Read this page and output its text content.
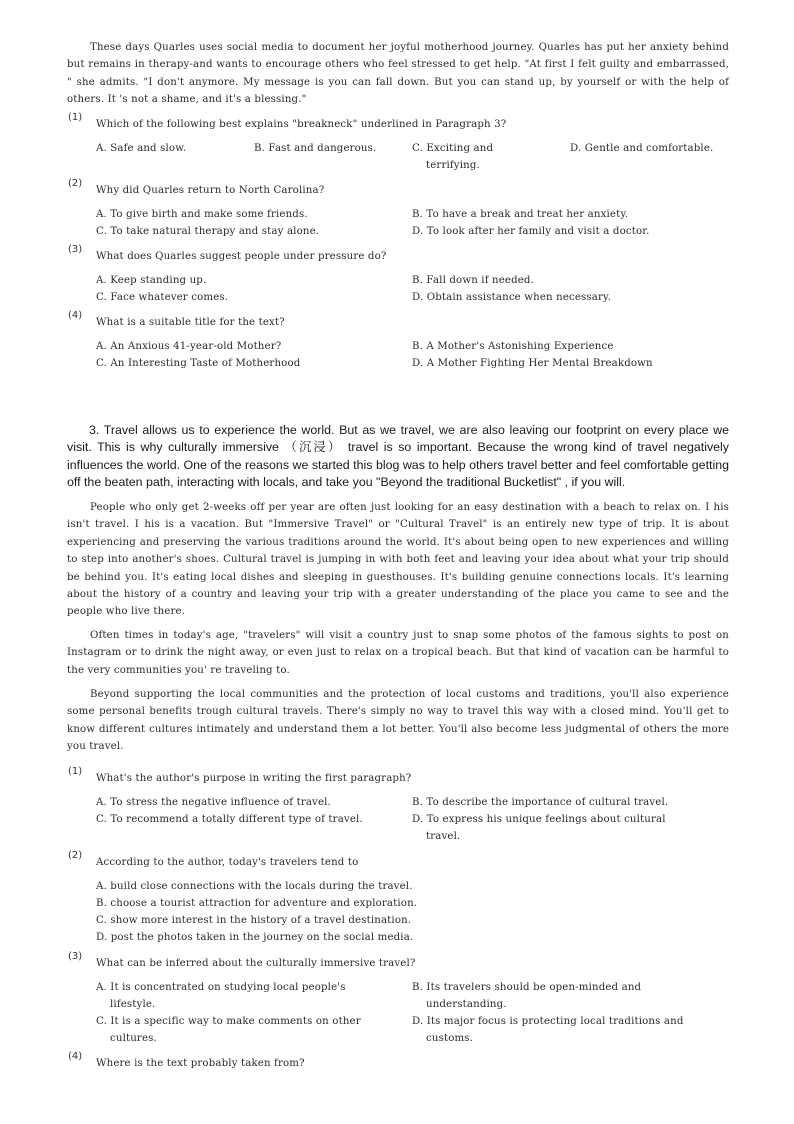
These days Quarles uses social media to document her joyful motherhood journey. Quarles has put her anxiety behind but remains in therapy-and wants to encourage others who feel stressed to get help. "At first I felt guilty and embarrassed, " she admits. "I don't anymore. My message is you can fall down. But you can stand up, by yourself or with the help of others. It 's not a shame, and it's a blessing."

(1)
Which of the following best explains "breakneck" underlined in Paragraph 3?
A. Safe and slow.	B. Fast and dangerous.	C. Exciting and
terrifying.
D. Gentle and comfortable.
(2)
Why did Quarles return to North Carolina?
A. To give birth and make some friends.	B. To have a break and treat her anxiety.
C. To take natural therapy and stay alone.	D. To look after her family and visit a doctor.
(3)
What does Quarles suggest people under pressure do?
A. Keep standing up.	B. Fall down if needed.
C. Face whatever comes.	D. Obtain assistance when necessary.
(4)
What is a suitable title for the text?
A. An Anxious 41-year-old Mother?	B. A Mother's Astonishing Experience
C. An Interesting Taste of Motherhood	D. A Mother Fighting Her Mental Breakdown

3. Travel allows us to experience the world. But as we travel, we are also leaving our footprint on every place we visit. This is why culturally immersive （沉浸） travel is so important. Because the wrong kind of travel negatively influences the world. One of the reasons we started this blog was to help others travel better and feel comfortable getting off the beaten path, interacting with locals, and take you "Beyond the traditional Bucketlist" , if you will.

People who only get 2-weeks off per year are often just looking for an easy destination with a beach to relax on. I his isn't travel. I his is a vacation. But "Immersive Travel" or "Cultural Travel" is an entirely new type of trip. It is about experiencing and preserving the various traditions around the world. It's about being open to new experiences and willing to step into another's shoes. Cultural travel is jumping in with both feet and leaving your idea about what your trip should be behind you. It's eating local dishes and sleeping in guesthouses. It's building genuine connections locals. It's learning about the history of a country and leaving your trip with a greater understanding of the place you came to see and the people who live there.

Often times in today's age, "travelers" will visit a country just to snap some photos of the famous sights to post on Instagram or to drink the night away, or even just to relax on a tropical beach. But that kind of vacation can be harmful to the very communities you' re traveling to.

Beyond supporting the local communities and the protection of local customs and traditions, you'll also experience some personal benefits trough cultural travels. There's simply no way to travel this way with a closed mind. You'll get to know different cultures intimately and understand them a lot better. You'll also become less judgmental of others the more you travel.

(1)
What's the author's purpose in writing the first paragraph?
A. To stress the negative influence of travel.	B. To describe the importance of cultural travel.
C. To recommend a totally different type of travel.	D. To express his unique feelings about cultural
travel.
(2)
According to the author, today's travelers tend to
A. build close connections with the locals during the travel.
B. choose a tourist attraction for adventure and exploration.
C. show more interest in the history of a travel destination.
D. post the photos taken in the journey on the social media.
(3)
What can be inferred about the culturally immersive travel?
A. It is concentrated on studying local people's
lifestyle.
B. Its travelers should be open-minded and
understanding.
C. It is a specific way to make comments on other
cultures.
D. Its major focus is protecting local traditions and
customs.
(4)
Where is the text probably taken from?
